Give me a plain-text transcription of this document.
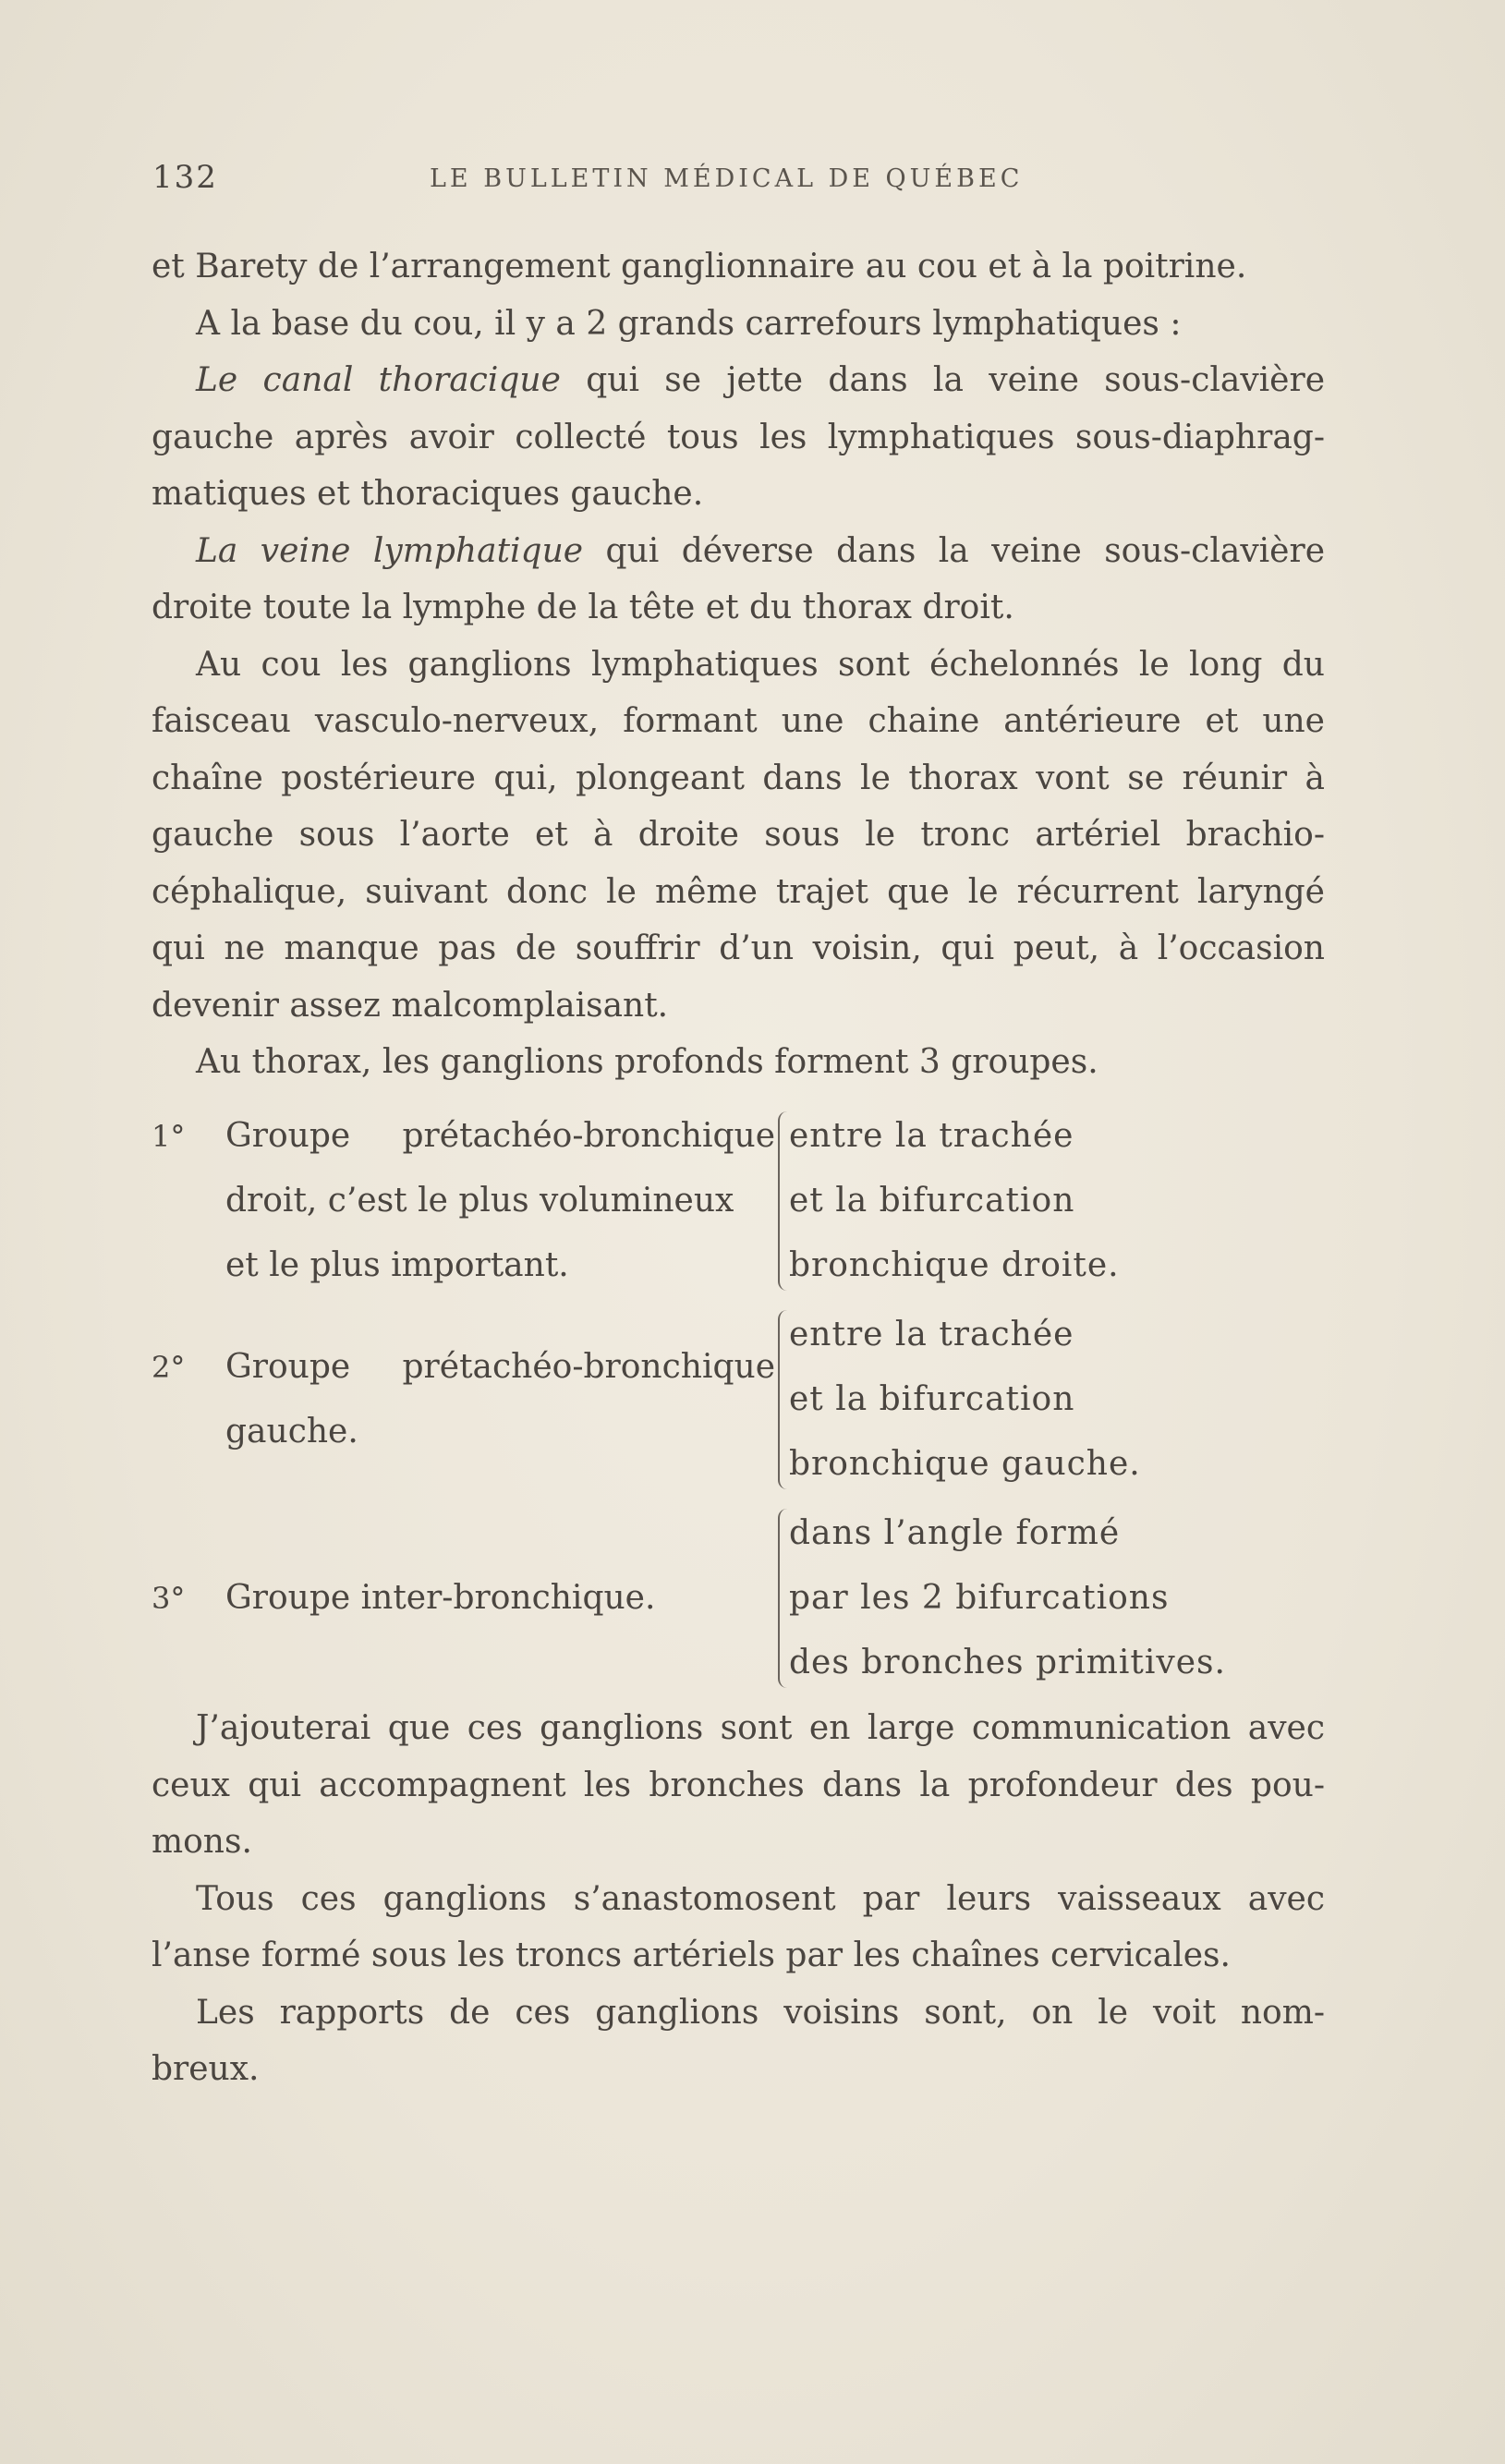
132	LE BULLETIN MÉDICAL DE QUÉBEC
et Barety de l’arrangement ganglionnaire au cou et à la poitrine.
A la base du cou, il y a 2 grands carrefours lymphatiques :
Le canal thoracique qui se jette dans la veine sous-clavière
gauche après avoir collecté tous les lymphatiques sous-diaphrag-
matiques et thoraciques gauche.
La veine lymphatique qui déverse dans la veine sous-clavière
droite toute la lymphe de la tête et du thorax droit.
Au cou les ganglions lymphatiques sont échelonnés le long du
faisceau vasculo-nerveux, formant une chaine antérieure et une
chaîne postérieure qui, plongeant dans le thorax vont se réunir à
gauche sous l’aorte et à droite sous le tronc artériel brachio-
céphalique, suivant donc le même trajet que le récurrent laryngé
qui ne manque pas de souffrir d’un voisin, qui peut, à l’occasion
devenir assez malcomplaisant.
Au thorax, les ganglions profonds forment 3 groupes.
1° Groupe prétachéo-bronchique
droit, c’est le plus volumineux
et le plus important.
entre la trachée
et la bifurcation
bronchique droite.
2° Groupe prétachéo-bronchique
gauche.
entre la trachée
et la bifurcation
bronchique gauche.
3° Groupe inter-bronchique.
dans l’angle formé
par les 2 bifurcations
des bronches primitives.
J’ajouterai que ces ganglions sont en large communication avec
ceux qui accompagnent les bronches dans la profondeur des pou-
mons.
Tous ces ganglions s’anastomosent par leurs vaisseaux avec
l’anse formé sous les troncs artériels par les chaînes cervicales.
Les rapports de ces ganglions voisins sont, on le voit nom-
breux.
